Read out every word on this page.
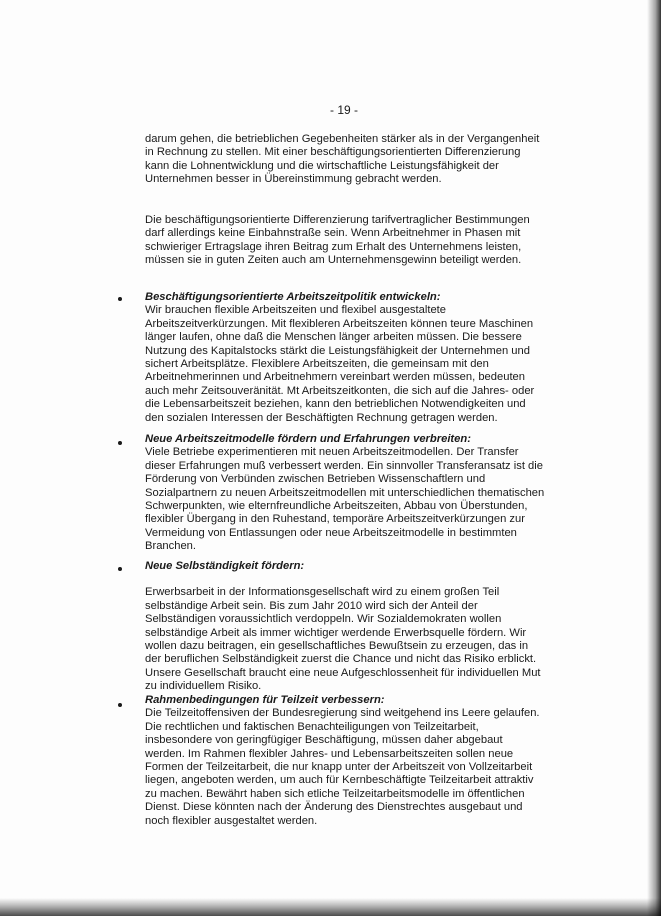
- 19 -

darum gehen, die betrieblichen Gegebenheiten stärker als in der Vergangenheit in Rechnung zu stellen. Mit einer beschäftigungsorientierten Differenzierung kann die Lohnentwicklung und die wirtschaftliche Leistungsfähigkeit der Unternehmen besser in Übereinstimmung gebracht werden.

Die beschäftigungsorientierte Differenzierung tarifvertraglicher Bestimmungen darf allerdings keine Einbahnstraße sein. Wenn Arbeitnehmer in Phasen mit schwieriger Ertragslage ihren Beitrag zum Erhalt des Unternehmens leisten, müssen sie in guten Zeiten auch am Unternehmensgewinn beteiligt werden.

Beschäftigungsorientierte Arbeitszeitpolitik entwickeln:

Wir brauchen flexible Arbeitszeiten und flexibel ausgestaltete Arbeitszeitverkürzungen. Mit flexibleren Arbeitszeiten können teure Maschinen länger laufen, ohne daß die Menschen länger arbeiten müssen. Die bessere Nutzung des Kapitalstocks stärkt die Leistungsfähigkeit der Unternehmen und sichert Arbeitsplätze. Flexiblere Arbeitszeiten, die gemeinsam mit den Arbeitnehmerinnen und Arbeitnehmern vereinbart werden müssen, bedeuten auch mehr Zeitsouveränität. Mt Arbeitszeitkonten, die sich auf die Jahres- oder die Lebensarbeitszeit beziehen, kann den betrieblichen Notwendigkeiten und den sozialen Interessen der Beschäftigten Rechnung getragen werden.

Neue Arbeitszeitmodelle fördern und Erfahrungen verbreiten:

Viele Betriebe experimentieren mit neuen Arbeitszeitmodellen. Der Transfer dieser Erfahrungen muß verbessert werden. Ein sinnvoller Transferansatz ist die Förderung von Verbünden zwischen Betrieben Wissenschaftlern und Sozialpartnern zu neuen Arbeitszeitmodellen mit unterschiedlichen thematischen Schwerpunkten, wie elternfreundliche Arbeitszeiten, Abbau von Überstunden, flexibler Übergang in den Ruhestand, temporäre Arbeitszeitverkürzungen zur Vermeidung von Entlassungen oder neue Arbeitszeitmodelle in bestimmten Branchen.

Neue Selbständigkeit fördern:

Erwerbsarbeit in der Informationsgesellschaft wird zu einem großen Teil selbständige Arbeit sein. Bis zum Jahr 2010 wird sich der Anteil der Selbständigen voraussichtlich verdoppeln. Wir Sozialdemokraten wollen selbständige Arbeit als immer wichtiger werdende Erwerbsquelle fördern. Wir wollen dazu beitragen, ein gesellschaftliches Bewußtsein zu erzeugen, das in der beruflichen Selbständigkeit zuerst die Chance und nicht das Risiko erblickt. Unsere Gesellschaft braucht eine neue Aufgeschlossenheit für individuellen Mut zu individuellem Risiko.

Rahmenbedingungen für Teilzeit verbessern:

Die Teilzeitoffensiven der Bundesregierung sind weitgehend ins Leere gelaufen. Die rechtlichen und faktischen Benachteiligungen von Teilzeitarbeit, insbesondere von geringfügiger Beschäftigung, müssen daher abgebaut werden. Im Rahmen flexibler Jahres- und Lebensarbeitszeiten sollen neue Formen der Teilzeitarbeit, die nur knapp unter der Arbeitszeit von Vollzeitarbeit liegen, angeboten werden, um auch für Kernbeschäftigte Teilzeitarbeit attraktiv zu machen. Bewährt haben sich etliche Teilzeitarbeitsmodelle im öffentlichen Dienst. Diese könnten nach der Änderung des Dienstrechtes ausgebaut und noch flexibler ausgestaltet werden.
